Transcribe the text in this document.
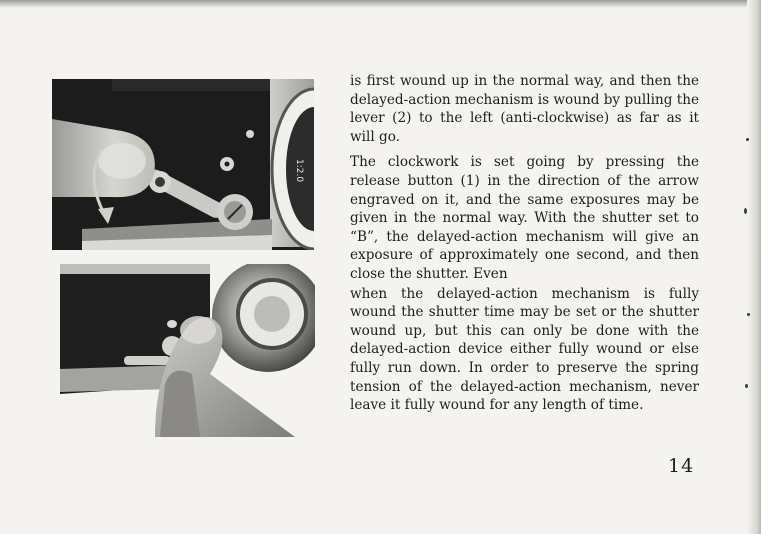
1:2.0

is first wound up in the normal way, and then the delayed-action mechanism is wound by pulling the lever (2) to the left (anti-clockwise) as far as it will go.

The clockwork is set going by pressing the release button (1) in the direction of the arrow engraved on it, and the same exposures may be given in the normal way. With the shutter set to “B”, the delayed-action mechanism will give an exposure of approximately one second, and then close the shutter. Even

when the delayed-action mechanism is fully wound the shutter time may be set or the shutter wound up, but this can only be done with the delayed-action device either fully wound or else fully run down. In order to preserve the spring tension of the delayed-action mechanism, never leave it fully wound for any length of time.

14
